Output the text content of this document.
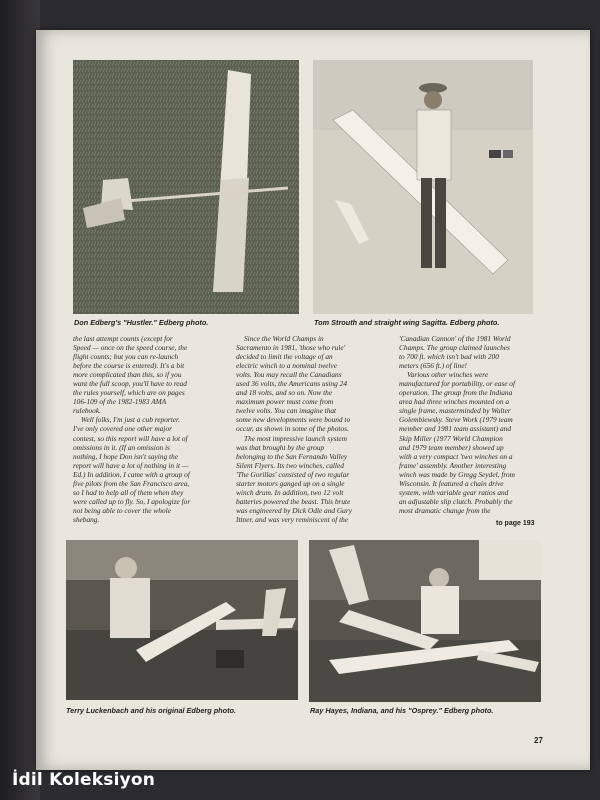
Don Edberg's "Hustler." Edberg photo.	Tom Strouth and straight wing Sagitta. Edberg photo.
the last attempt counts (except for
Speed — once on the speed course, the
flight counts; but you can re-launch
before the course is entered). It's a bit
more complicated than this, so if you
want the full scoop, you'll have to read
the rules yourself, which are on pages
106-109 of the 1982-1983 AMA
rulebook.
Well folks, I'm just a cub reporter.
I've only covered one other major
contest, so this report will have a lot of
omissions in it. (If an omission is
nothing, I hope Don isn't saying the
report will have a lot of nothing in it —
Ed.) In addition, I came with a group of
five pilots from the San Francisco area,
so I had to help all of them when they
were called up to fly. So, I apologize for
not being able to cover the whole
shebang.
Since the World Champs in
Sacramento in 1981, 'those who rule'
decided to limit the voltage of an
electric winch to a nominal twelve
volts. You may recall the Canadians
used 36 volts, the Americans using 24
and 18 volts, and so on. Now the
maximum power must come from
twelve volts. You can imagine that
some new developments were bound to
occur, as shown in some of the photos.
The most impressive launch system
was that brought by the group
belonging to the San Fernando Valley
Silent Flyers. Its two winches, called
'The Gorillas' consisted of two regular
starter motors ganged up on a single
winch drum. In addition, two 12 volt
batteries powered the beast. This brute
was engineered by Dick Odle and Gary
Ittner, and was very reminiscent of the
'Canadian Cannon' of the 1981 World
Champs. The group claimed launches
to 700 ft. which isn't bad with 200
meters (656 ft.) of line!
Various other winches were
manufactured for portability, or ease of
operation. The group from the Indiana
area had three winches mounted on a
single frame, masterminded by Walter
Golembiewsky. Steve Work (1979 team
member and 1981 team assistant) and
Skip Miller (1977 World Champion
and 1979 team member) showed up
with a very compact 'two winches on a
frame' assembly. Another interesting
winch was made by Gregg Seydel, from
Wisconsin. It featured a chain drive
system, with variable gear ratios and
an adjustable slip clutch. Probably the
most dramatic change from the
to page 193
Terry Luckenbach and his original Edberg photo.	Ray Hayes, Indiana, and his "Osprey." Edberg photo.
27
İdil Koleksiyon
